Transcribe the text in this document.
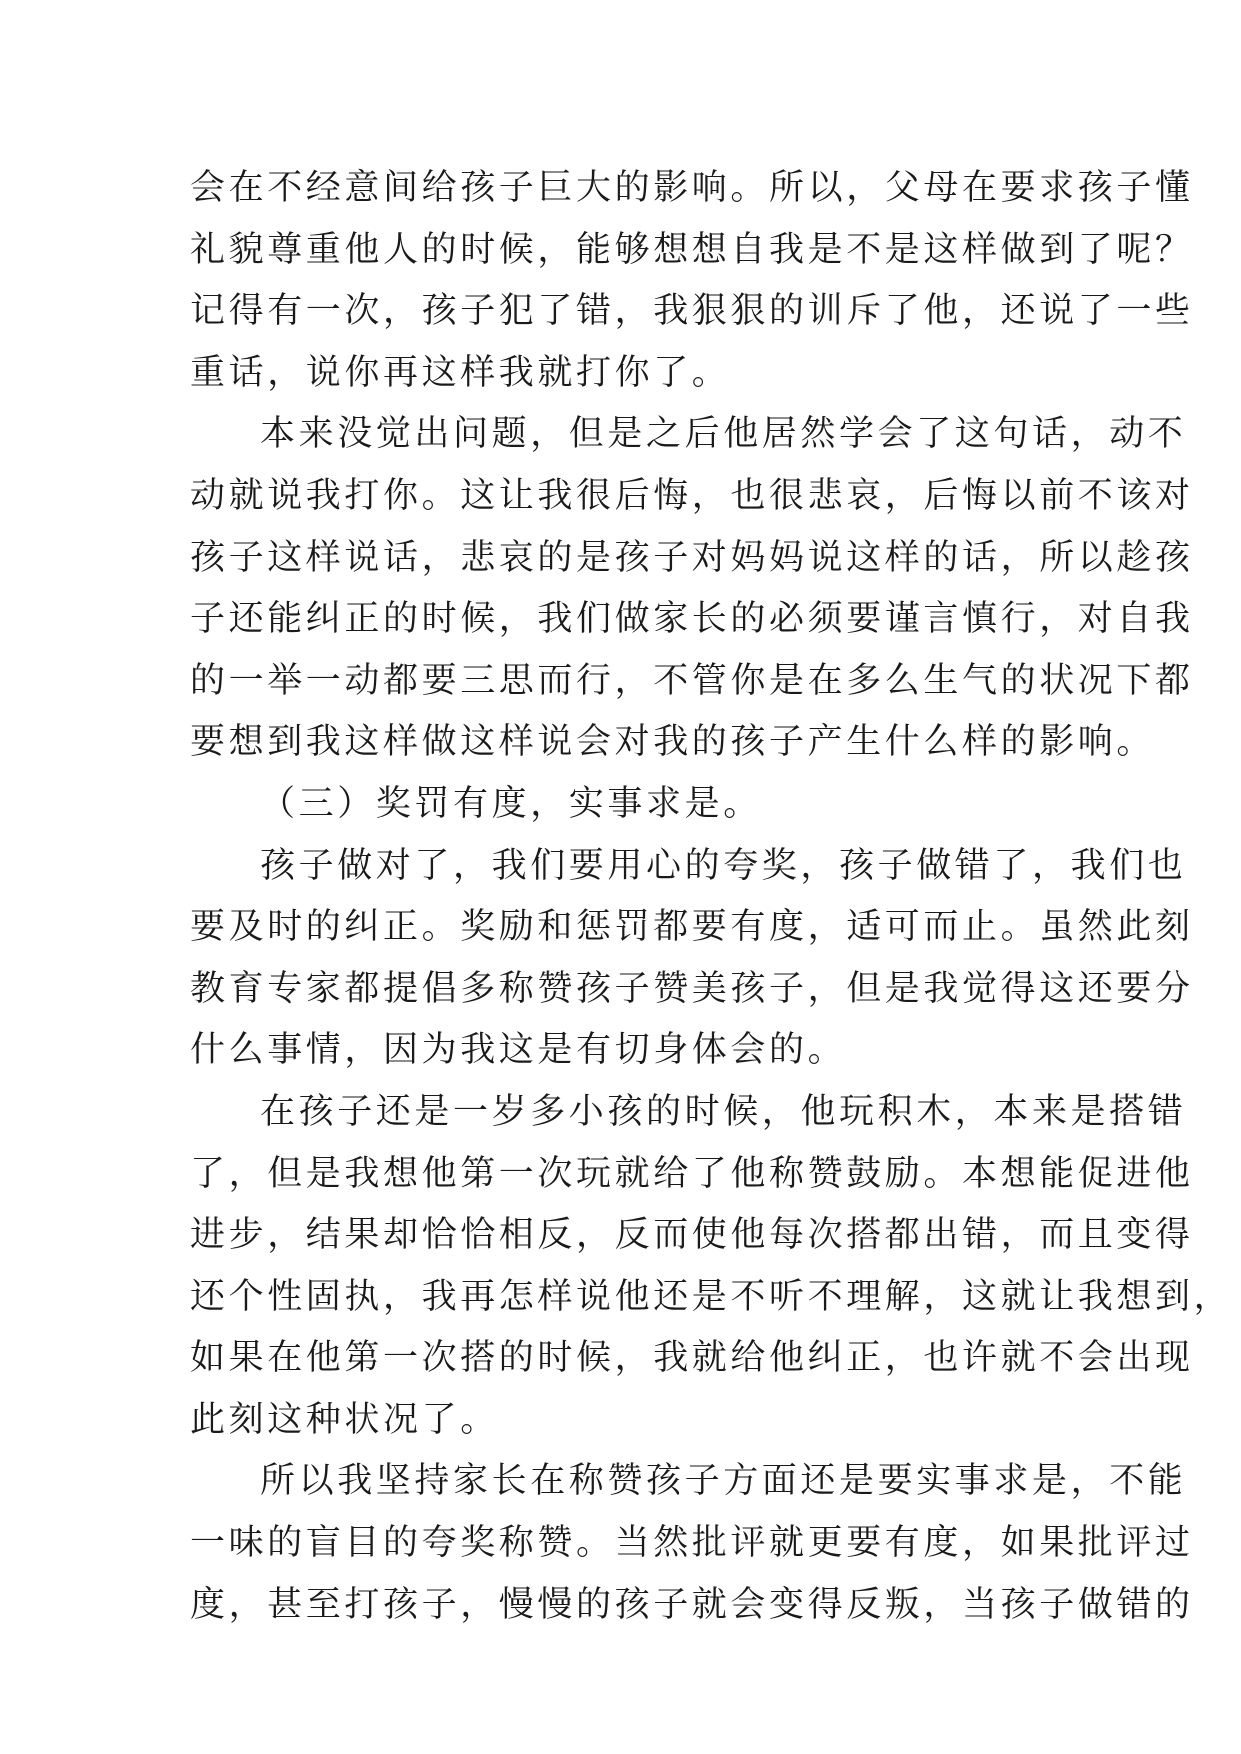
会在不经意间给孩子巨大的影响。所以，父母在要求孩子懂
礼貌尊重他人的时候，能够想想自我是不是这样做到了呢？
记得有一次，孩子犯了错，我狠狠的训斥了他，还说了一些
重话，说你再这样我就打你了。
本来没觉出问题，但是之后他居然学会了这句话，动不
动就说我打你。这让我很后悔，也很悲哀，后悔以前不该对
孩子这样说话，悲哀的是孩子对妈妈说这样的话，所以趁孩
子还能纠正的时候，我们做家长的必须要谨言慎行，对自我
的一举一动都要三思而行，不管你是在多么生气的状况下都
要想到我这样做这样说会对我的孩子产生什么样的影响。
（三）奖罚有度，实事求是。
孩子做对了，我们要用心的夸奖，孩子做错了，我们也
要及时的纠正。奖励和惩罚都要有度，适可而止。虽然此刻
教育专家都提倡多称赞孩子赞美孩子，但是我觉得这还要分
什么事情，因为我这是有切身体会的。
在孩子还是一岁多小孩的时候，他玩积木，本来是搭错
了，但是我想他第一次玩就给了他称赞鼓励。本想能促进他
进步，结果却恰恰相反，反而使他每次搭都出错，而且变得
还个性固执，我再怎样说他还是不听不理解，这就让我想到，
如果在他第一次搭的时候，我就给他纠正，也许就不会出现
此刻这种状况了。
所以我坚持家长在称赞孩子方面还是要实事求是，不能
一味的盲目的夸奖称赞。当然批评就更要有度，如果批评过
度，甚至打孩子，慢慢的孩子就会变得反叛，当孩子做错的
